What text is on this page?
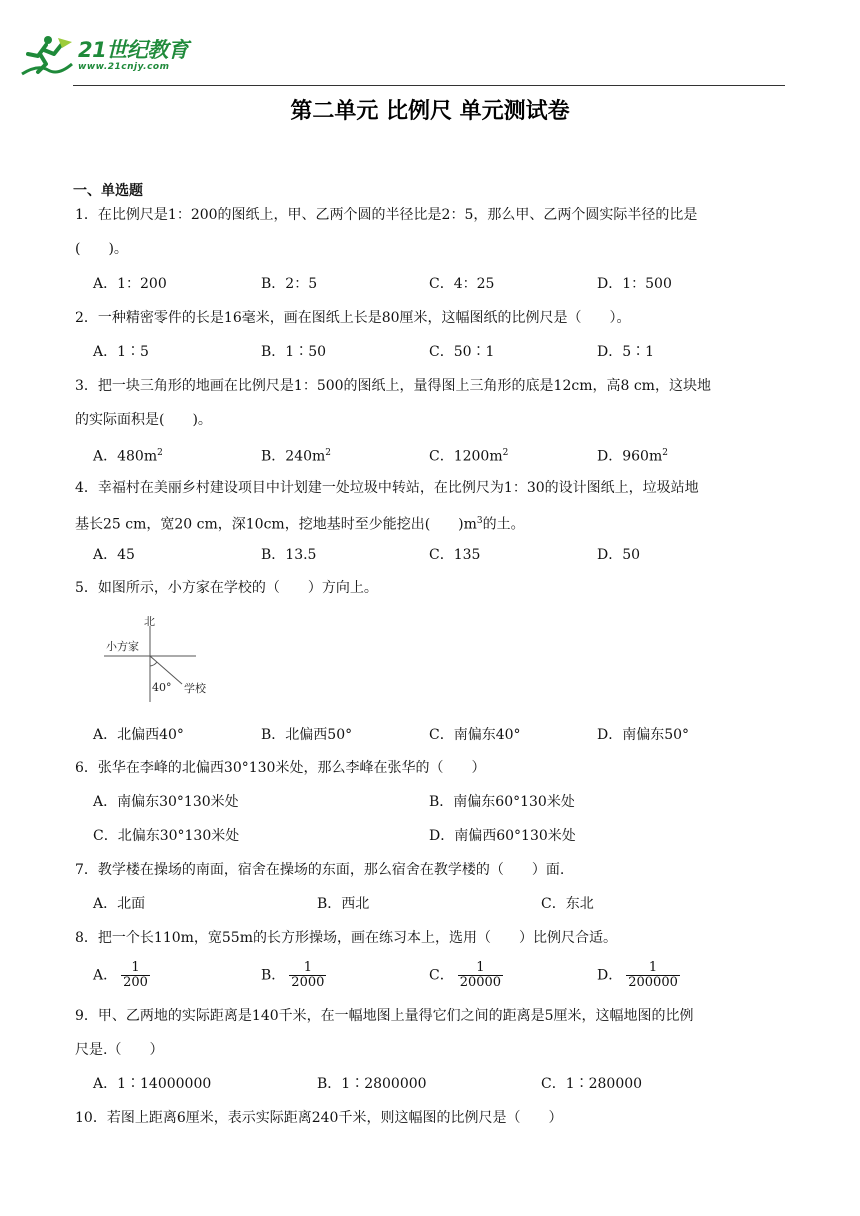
21世纪教育
www.21cnjy.com
第二单元 比例尺 单元测试卷
一、单选题
1．在比例尺是1：200的图纸上，甲、乙两个圆的半径比是2：5，那么甲、乙两个圆实际半径的比是
(　　)。
A．1：200	B．2：5	C．4：25	D．1：500
2．一种精密零件的长是16毫米，画在图纸上长是80厘米，这幅图纸的比例尺是（　　）。
A．1∶5	B．1∶50	C．50∶1	D．5∶1
3．把一块三角形的地画在比例尺是1：500的图纸上，量得图上三角形的底是12cm，高8 cm，这块地
的实际面积是(　　)。
A．$480m^2$	B．$240m^2$	C．$1200m^2$	D．$960m^2$
4．幸福村在美丽乡村建设项目中计划建一处垃圾中转站，在比例尺为1：30的设计图纸上，垃圾站地
基长25 cm，宽20 cm，深10cm，挖地基时至少能挖出(　　)$m^3$的土。
A．45	B．13.5	C．135	D．50
5．如图所示，小方家在学校的（　　）方向上。
北
小方家
40° 学校
A．北偏西40°	B．北偏西50°	C．南偏东40°	D．南偏东50°
6．张华在李峰的北偏西30°130米处，那么李峰在张华的（　　）
A．南偏东30°130米处	B．南偏东60°130米处
C．北偏东30°130米处	D．南偏西60°130米处
7．教学楼在操场的南面，宿舍在操场的东面，那么宿舍在教学楼的（　　）面.
A．北面	B．西北	C．东北
8．把一个长110m，宽55m的长方形操场，画在练习本上，选用（　　）比例尺合适。
A． $\frac{1}{200}$	B． $\frac{1}{2000}$	C． $\frac{1}{20000}$	D． $\frac{1}{200000}$
9．甲、乙两地的实际距离是140千米，在一幅地图上量得它们之间的距离是5厘米，这幅地图的比例
尺是.（　　）
A．1∶14000000	B．1∶2800000	C．1∶280000
10．若图上距离6厘米，表示实际距离240千米，则这幅图的比例尺是（　　）
